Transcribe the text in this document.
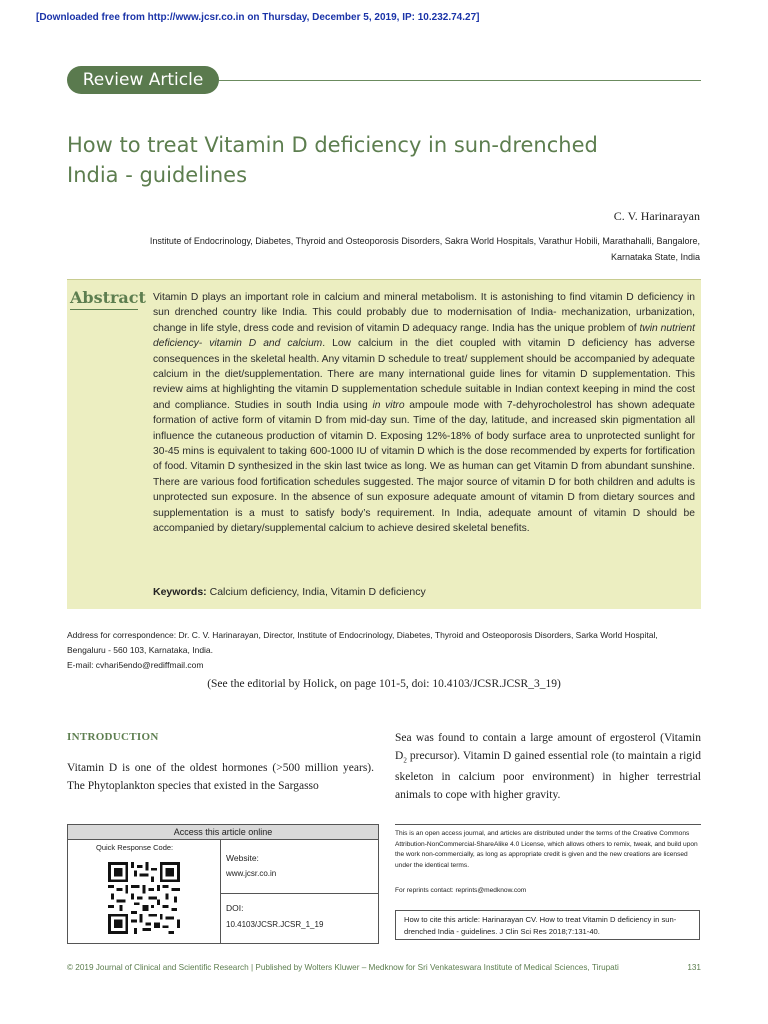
[Downloaded free from http://www.jcsr.co.in on Thursday, December 5, 2019, IP: 10.232.74.27]
Review Article
How to treat Vitamin D deficiency in sun-drenched
India - guidelines
C. V. Harinarayan
Institute of Endocrinology, Diabetes, Thyroid and Osteoporosis Disorders, Sakra World Hospitals, Varathur Hobili, Marathahalli, Bangalore,
Karnataka State, India
Abstract Vitamin D plays an important role in calcium and mineral metabolism. It is astonishing to find vitamin D deficiency in sun drenched country like India. This could probably due to modernisation of India- mechanization, urbanization, change in life style, dress code and revision of vitamin D adequacy range. India has the unique problem of twin nutrient deficiency- vitamin D and calcium. Low calcium in the diet coupled with vitamin D deficiency has adverse consequences in the skeletal health. Any vitamin D schedule to treat/ supplement should be accompanied by adequate calcium in the diet/supplementation. There are many international guide lines for vitamin D supplementation. This review aims at highlighting the vitamin D supplementation schedule suitable in Indian context keeping in mind the cost and compliance. Studies in south India using in vitro ampoule mode with 7-dehyrocholestrol has shown adequate formation of active form of vitamin D from mid-day sun. Time of the day, latitude, and increased skin pigmentation all influence the cutaneous production of vitamin D. Exposing 12%-18% of body surface area to unprotected sunlight for 30-45 mins is equivalent to taking 600-1000 IU of vitamin D which is the dose recommended by experts for fortification of food. Vitamin D synthesized in the skin last twice as long. We as human can get Vitamin D from abundant sunshine. There are various food fortification schedules suggested. The major source of vitamin D for both children and adults is unprotected sun exposure. In the absence of sun exposure adequate amount of vitamin D from dietary sources and supplementation is a must to satisfy body’s requirement. In India, adequate amount of vitamin D should be accompanied by dietary/supplemental calcium to achieve desired skeletal benefits.
Keywords: Calcium deficiency, India, Vitamin D deficiency
Address for correspondence: Dr. C. V. Harinarayan, Director, Institute of Endocrinology, Diabetes, Thyroid and Osteoporosis Disorders, Sarka World Hospital,
Bengaluru - 560 103, Karnataka, India.
E-mail: cvhari5endo@rediffmail.com
(See the editorial by Holick, on page 101-5, doi: 10.4103/JCSR.JCSR_3_19)
INTRODUCTION
Vitamin D is one of the oldest hormones (>500 million years). The Phytoplankton species that existed in the Sargasso
Sea was found to contain a large amount of ergosterol (Vitamin $D_2$ precursor). Vitamin D gained essential role (to maintain a rigid skeleton in calcium poor environment) in higher terrestrial animals to cope with higher gravity.
Access this article online
Quick Response Code:
Website:
www.jcsr.co.in
DOI:
10.4103/JCSR.JCSR_1_19
This is an open access journal, and articles are distributed under the terms of the Creative Commons Attribution-NonCommercial-ShareAlike 4.0 License, which allows others to remix, tweak, and build upon the work non-commercially, as long as appropriate credit is given and the new creations are licensed under the identical terms.
For reprints contact: reprints@medknow.com
How to cite this article: Harinarayan CV. How to treat Vitamin D deficiency in sun-drenched India - guidelines. J Clin Sci Res 2018;7:131-40.
© 2019 Journal of Clinical and Scientific Research | Published by Wolters Kluwer – Medknow for Sri Venkateswara Institute of Medical Sciences, Tirupati	131
